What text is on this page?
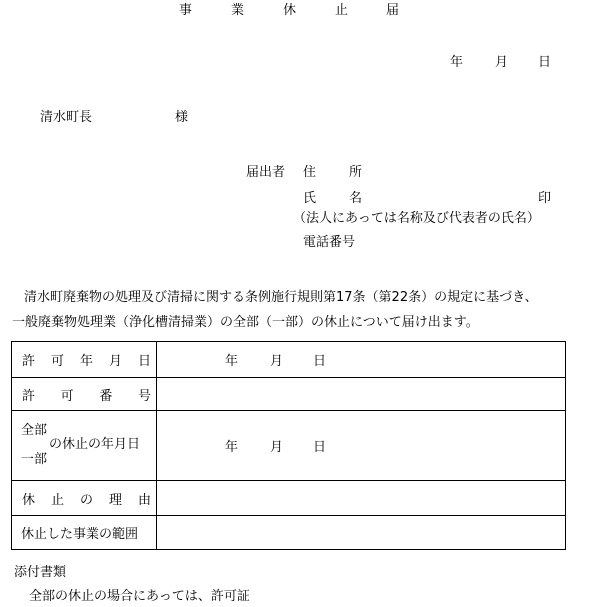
事	業	休	止	届
年 月 日
清水町長	様
届出者 住	所
氏	名	印
（法人にあっては名称及び代表者の氏名）
電話番号
清水町廃棄物の処理及び清掃に関する条例施行規則第17条（第22条）の規定に基づき、
一般廃棄物処理業（浄化槽清掃業）の全部（一部）の休止について届け出ます。
許 可 年 月 日	年 月 日

許 可 番 号	

全部
一部
の休止の年月日	年 月 日

休 止 の 理 由	

休止した事業の範囲	

添付書類
全部の休止の場合にあっては、許可証
